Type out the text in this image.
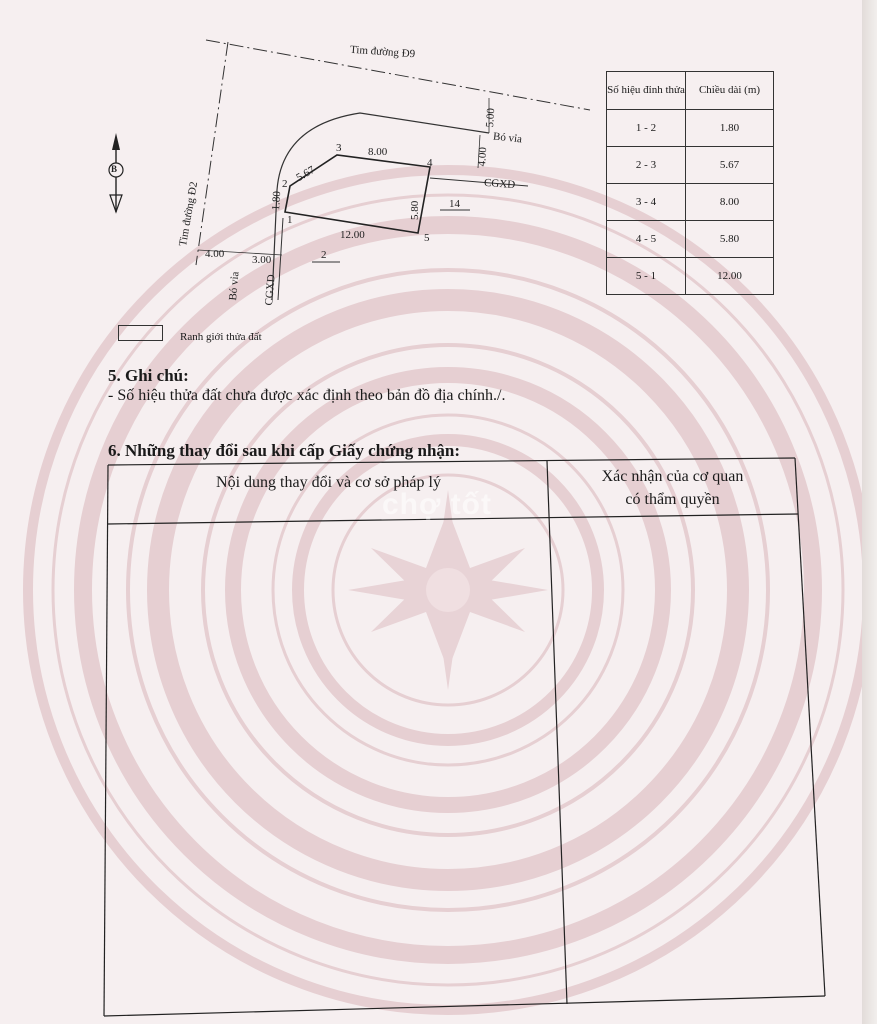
Tim đường Đ9
Tim đường Đ2
Bó vỉa
Bó vỉa
CGXD
CGXD
B
5.00
4.00
4.00	3.00
1.80
5.67
8.00
5.80
12.00
1
2
3
4
5
14
2
Số hiệu đỉnh thửa	Chiều dài (m)
1 - 2	1.80
2 - 3	5.67
3 - 4	8.00
4 - 5	5.80
5 - 1	12.00
Ranh giới thửa đất
5. Ghi chú:
- Số hiệu thửa đất chưa được xác định theo bản đồ địa chính./.
6. Những thay đổi sau khi cấp Giấy chứng nhận:
Nội dung thay đổi và cơ sở pháp lý	Xác nhận của cơ quan
có thẩm quyền
chợ tốt
